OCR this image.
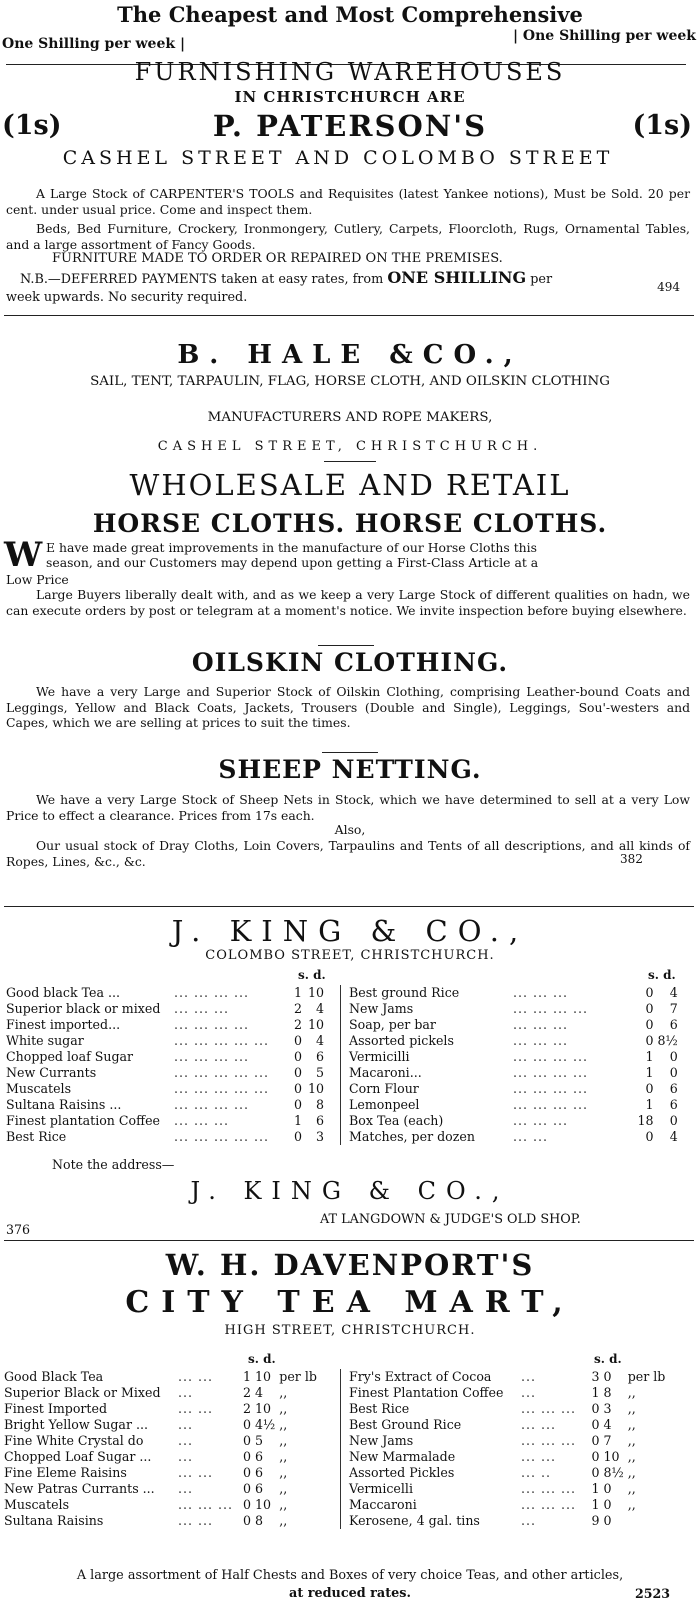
The Cheapest and Most Comprehensive
One Shilling per week |	| One Shilling per week
FURNISHING WAREHOUSES
IN CHRISTCHURCH ARE
(1s)	(1s)
P. PATERSON'S
CASHEL STREET AND COLOMBO STREET
A Large Stock of CARPENTER'S TOOLS and Requisites (latest Yankee notions), Must be Sold. 20 per cent. under usual price. Come and inspect them.
Beds, Bed Furniture, Crockery, Ironmongery, Cutlery, Carpets, Floorcloth, Rugs, Ornamental Tables, and a large assortment of Fancy Goods.
FURNITURE MADE TO ORDER OR REPAIRED ON THE PREMISES.
N.B.—DEFERRED PAYMENTS taken at easy rates, from ONE SHILLING per
week upwards. No security required.
494
B. HALE &CO.,
SAIL, TENT, TARPAULIN, FLAG, HORSE CLOTH, AND OILSKIN CLOTHING
MANUFACTURERS AND ROPE MAKERS,
CASHEL STREET, CHRISTCHURCH.
WHOLESALE AND RETAIL
HORSE CLOTHS. HORSE CLOTHS.
W E have made great improvements in the manufacture of our Horse Cloths this
season, and our Customers may depend upon getting a First-Class Article at a
Low Price
Large Buyers liberally dealt with, and as we keep a very Large Stock of different qualities on hadn, we can execute orders by post or telegram at a moment's notice. We invite inspection before buying elsewhere.
OILSKIN CLOTHING.
We have a very Large and Superior Stock of Oilskin Clothing, comprising Leather-bound Coats and Leggings, Yellow and Black Coats, Jackets, Trousers (Double and Single), Leggings, Sou'-westers and Capes, which we are selling at prices to suit the times.
SHEEP NETTING.
We have a very Large Stock of Sheep Nets in Stock, which we have determined to sell at a very Low Price to effect a clearance. Prices from 17s each.
Also,
Our usual stock of Dray Cloths, Loin Covers, Tarpaulins and Tents of all descriptions, and all kinds of Ropes, Lines, &c., &c.	382
J. KING & CO.,
COLOMBO STREET, CHRISTCHURCH.
s. d.	s. d.
Good black Tea ...	... ... ... ...	1	10
Superior black or mixed	... ... ...	2	4
Finest imported...	... ... ... ...	2	10
White sugar	... ... ... ... ...	0	4
Chopped loaf Sugar	... ... ... ...	0	6
New Currants	... ... ... ... ...	0	5
Muscatels	... ... ... ... ...	0	10
Sultana Raisins ...	... ... ... ...	0	8
Finest plantation Coffee	... ... ...	1	6
Best Rice	... ... ... ... ...	0	3
Best ground Rice	... ... ...	0	4
New Jams	... ... ... ...	0	7
Soap, per bar	... ... ...	0	6
Assorted pickels	... ... ...	0	8½
Vermicilli	... ... ... ...	1	0
Macaroni...	... ... ... ...	1	0
Corn Flour	... ... ... ...	0	6
Lemonpeel	... ... ... ...	1	6
Box Tea (each)	... ... ...	18	0
Matches, per dozen	... ...	0	4
Note the address—
J. KING & CO.,
376
AT LANGDOWN & JUDGE'S OLD SHOP.
W. H. DAVENPORT'S
CITY TEA MART,
HIGH STREET, CHRISTCHURCH.
s. d.	s. d.
Good Black Tea	... ...	1	10	per lb
Superior Black or Mixed	...	2	4	,,
Finest Imported	... ...	2	10	,,
Bright Yellow Sugar ...	...	0	4½	,,
Fine White Crystal do	...	0	5	,,
Chopped Loaf Sugar ...	...	0	6	,,
Fine Eleme Raisins	... ...	0	6	,,
New Patras Currants ...	...	0	6	,,
Muscatels	... ... ...	0	10	,,
Sultana Raisins	... ...	0	8	,,
Fry's Extract of Cocoa	...	3	0	per lb
Finest Plantation Coffee	...	1	8	,,
Best Rice	... ... ...	0	3	,,
Best Ground Rice	... ...	0	4	,,
New Jams	... ... ...	0	7	,,
New Marmalade	... ...	0	10	,,
Assorted Pickles	... ..	0	8½	,,
Vermicelli	... ... ...	1	0	,,
Maccaroni	... ... ...	1	0	,,
Kerosene, 4 gal. tins	...	9	0	
A large assortment of Half Chests and Boxes of very choice Teas, and other articles,
at reduced rates.	2523
